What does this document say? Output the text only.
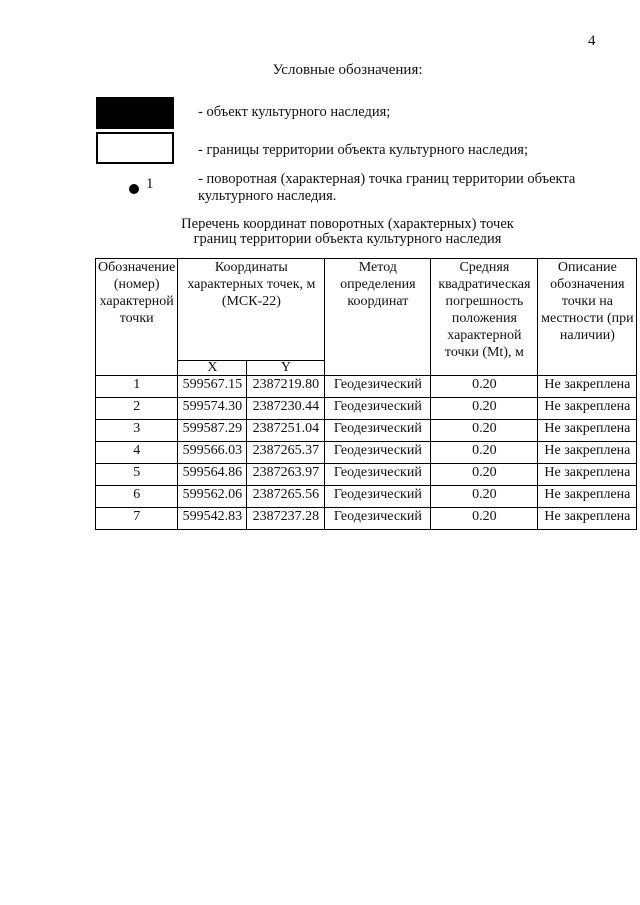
4
Условные обозначения:
- объект культурного наследия;
- границы территории объекта культурного наследия;
1	- поворотная (характерная) точка границ территории объекта культурного наследия.
Перечень координат поворотных (характерных) точек
границ территории объекта культурного наследия
Обозначение (номер) характерной точки	Координаты характерных точек, м (МСК-22)		Метод определения координат	Средняя квадратическая погрешность положения характерной точки (Mt), м	Описание обозначения точки на местности (при наличии)
	X	Y			
1	599567.15	2387219.80	Геодезический	0.20	Не закреплена
2	599574.30	2387230.44	Геодезический	0.20	Не закреплена
3	599587.29	2387251.04	Геодезический	0.20	Не закреплена
4	599566.03	2387265.37	Геодезический	0.20	Не закреплена
5	599564.86	2387263.97	Геодезический	0.20	Не закреплена
6	599562.06	2387265.56	Геодезический	0.20	Не закреплена
7	599542.83	2387237.28	Геодезический	0.20	Не закреплена
